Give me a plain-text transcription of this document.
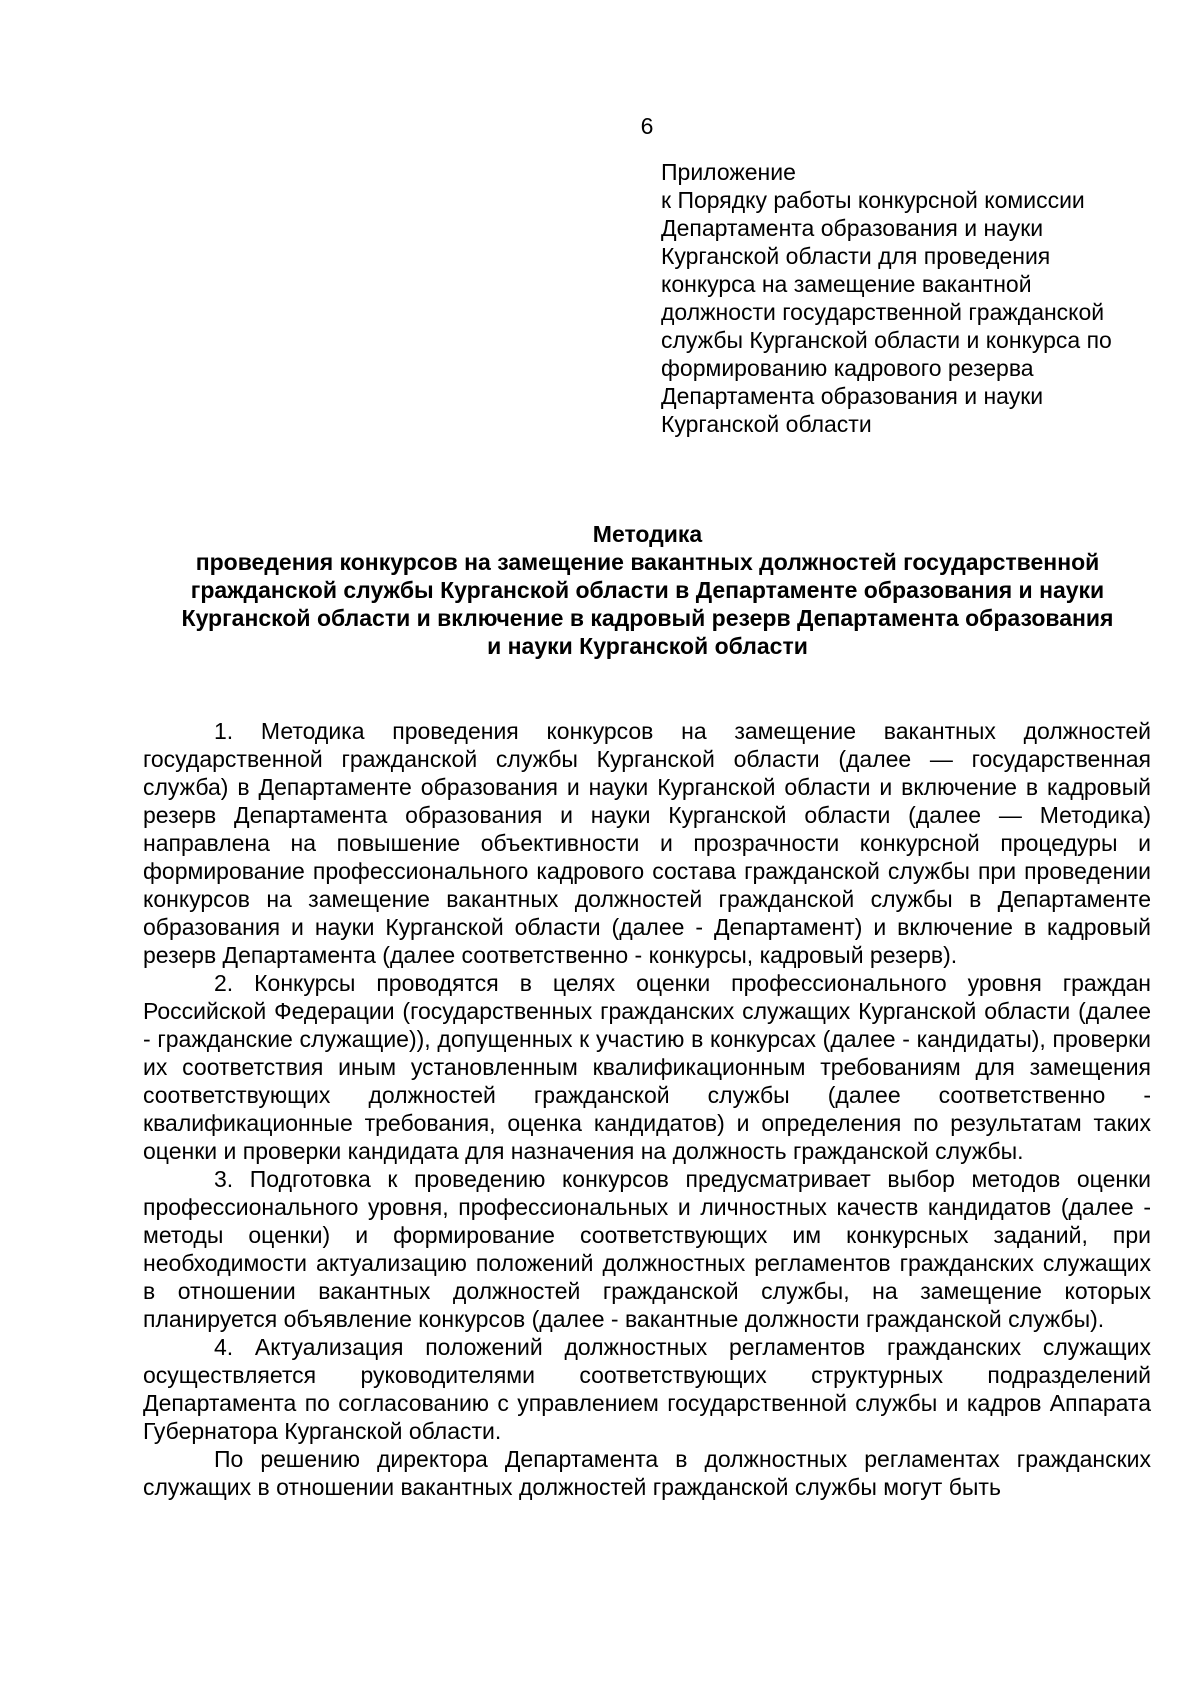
6
Приложение
к Порядку работы конкурсной комиссии
Департамента образования и науки
Курганской области для проведения
конкурса на замещение вакантной
должности государственной гражданской
службы Курганской области и конкурса по
формированию кадрового резерва
Департамента образования и науки
Курганской области
Методика
проведения конкурсов на замещение вакантных должностей государственной
гражданской службы Курганской области в Департаменте образования и науки
Курганской области и включение в кадровый резерв Департамента образования
и науки Курганской области

1. Методика проведения конкурсов на замещение вакантных должностей государственной гражданской службы Курганской области (далее — государственная служба) в Департаменте образования и науки Курганской области и включение в кадровый резерв Департамента образования и науки Курганской области (далее — Методика) направлена на повышение объективности и прозрачности конкурсной процедуры и формирование профессионального кадрового состава гражданской службы при проведении конкурсов на замещение вакантных должностей гражданской службы в Департаменте образования и науки Курганской области (далее - Департамент) и включение в кадровый резерв Департамента (далее соответственно - конкурсы, кадровый резерв).

2. Конкурсы проводятся в целях оценки профессионального уровня граждан Российской Федерации (государственных гражданских служащих Курганской области (далее - гражданские служащие)), допущенных к участию в конкурсах (далее - кандидаты), проверки их соответствия иным установленным квалификационным требованиям для замещения соответствующих должностей гражданской службы (далее соответственно - квалификационные требования, оценка кандидатов) и определения по результатам таких оценки и проверки кандидата для назначения на должность гражданской службы.

3. Подготовка к проведению конкурсов предусматривает выбор методов оценки профессионального уровня, профессиональных и личностных качеств кандидатов (далее - методы оценки) и формирование соответствующих им конкурсных заданий, при необходимости актуализацию положений должностных регламентов гражданских служащих в отношении вакантных должностей гражданской службы, на замещение которых планируется объявление конкурсов (далее - вакантные должности гражданской службы).

4. Актуализация положений должностных регламентов гражданских служащих осуществляется руководителями соответствующих структурных подразделений Департамента по согласованию с управлением государственной службы и кадров Аппарата Губернатора Курганской области.

По решению директора Департамента в должностных регламентах гражданских служащих в отношении вакантных должностей гражданской службы могут быть
